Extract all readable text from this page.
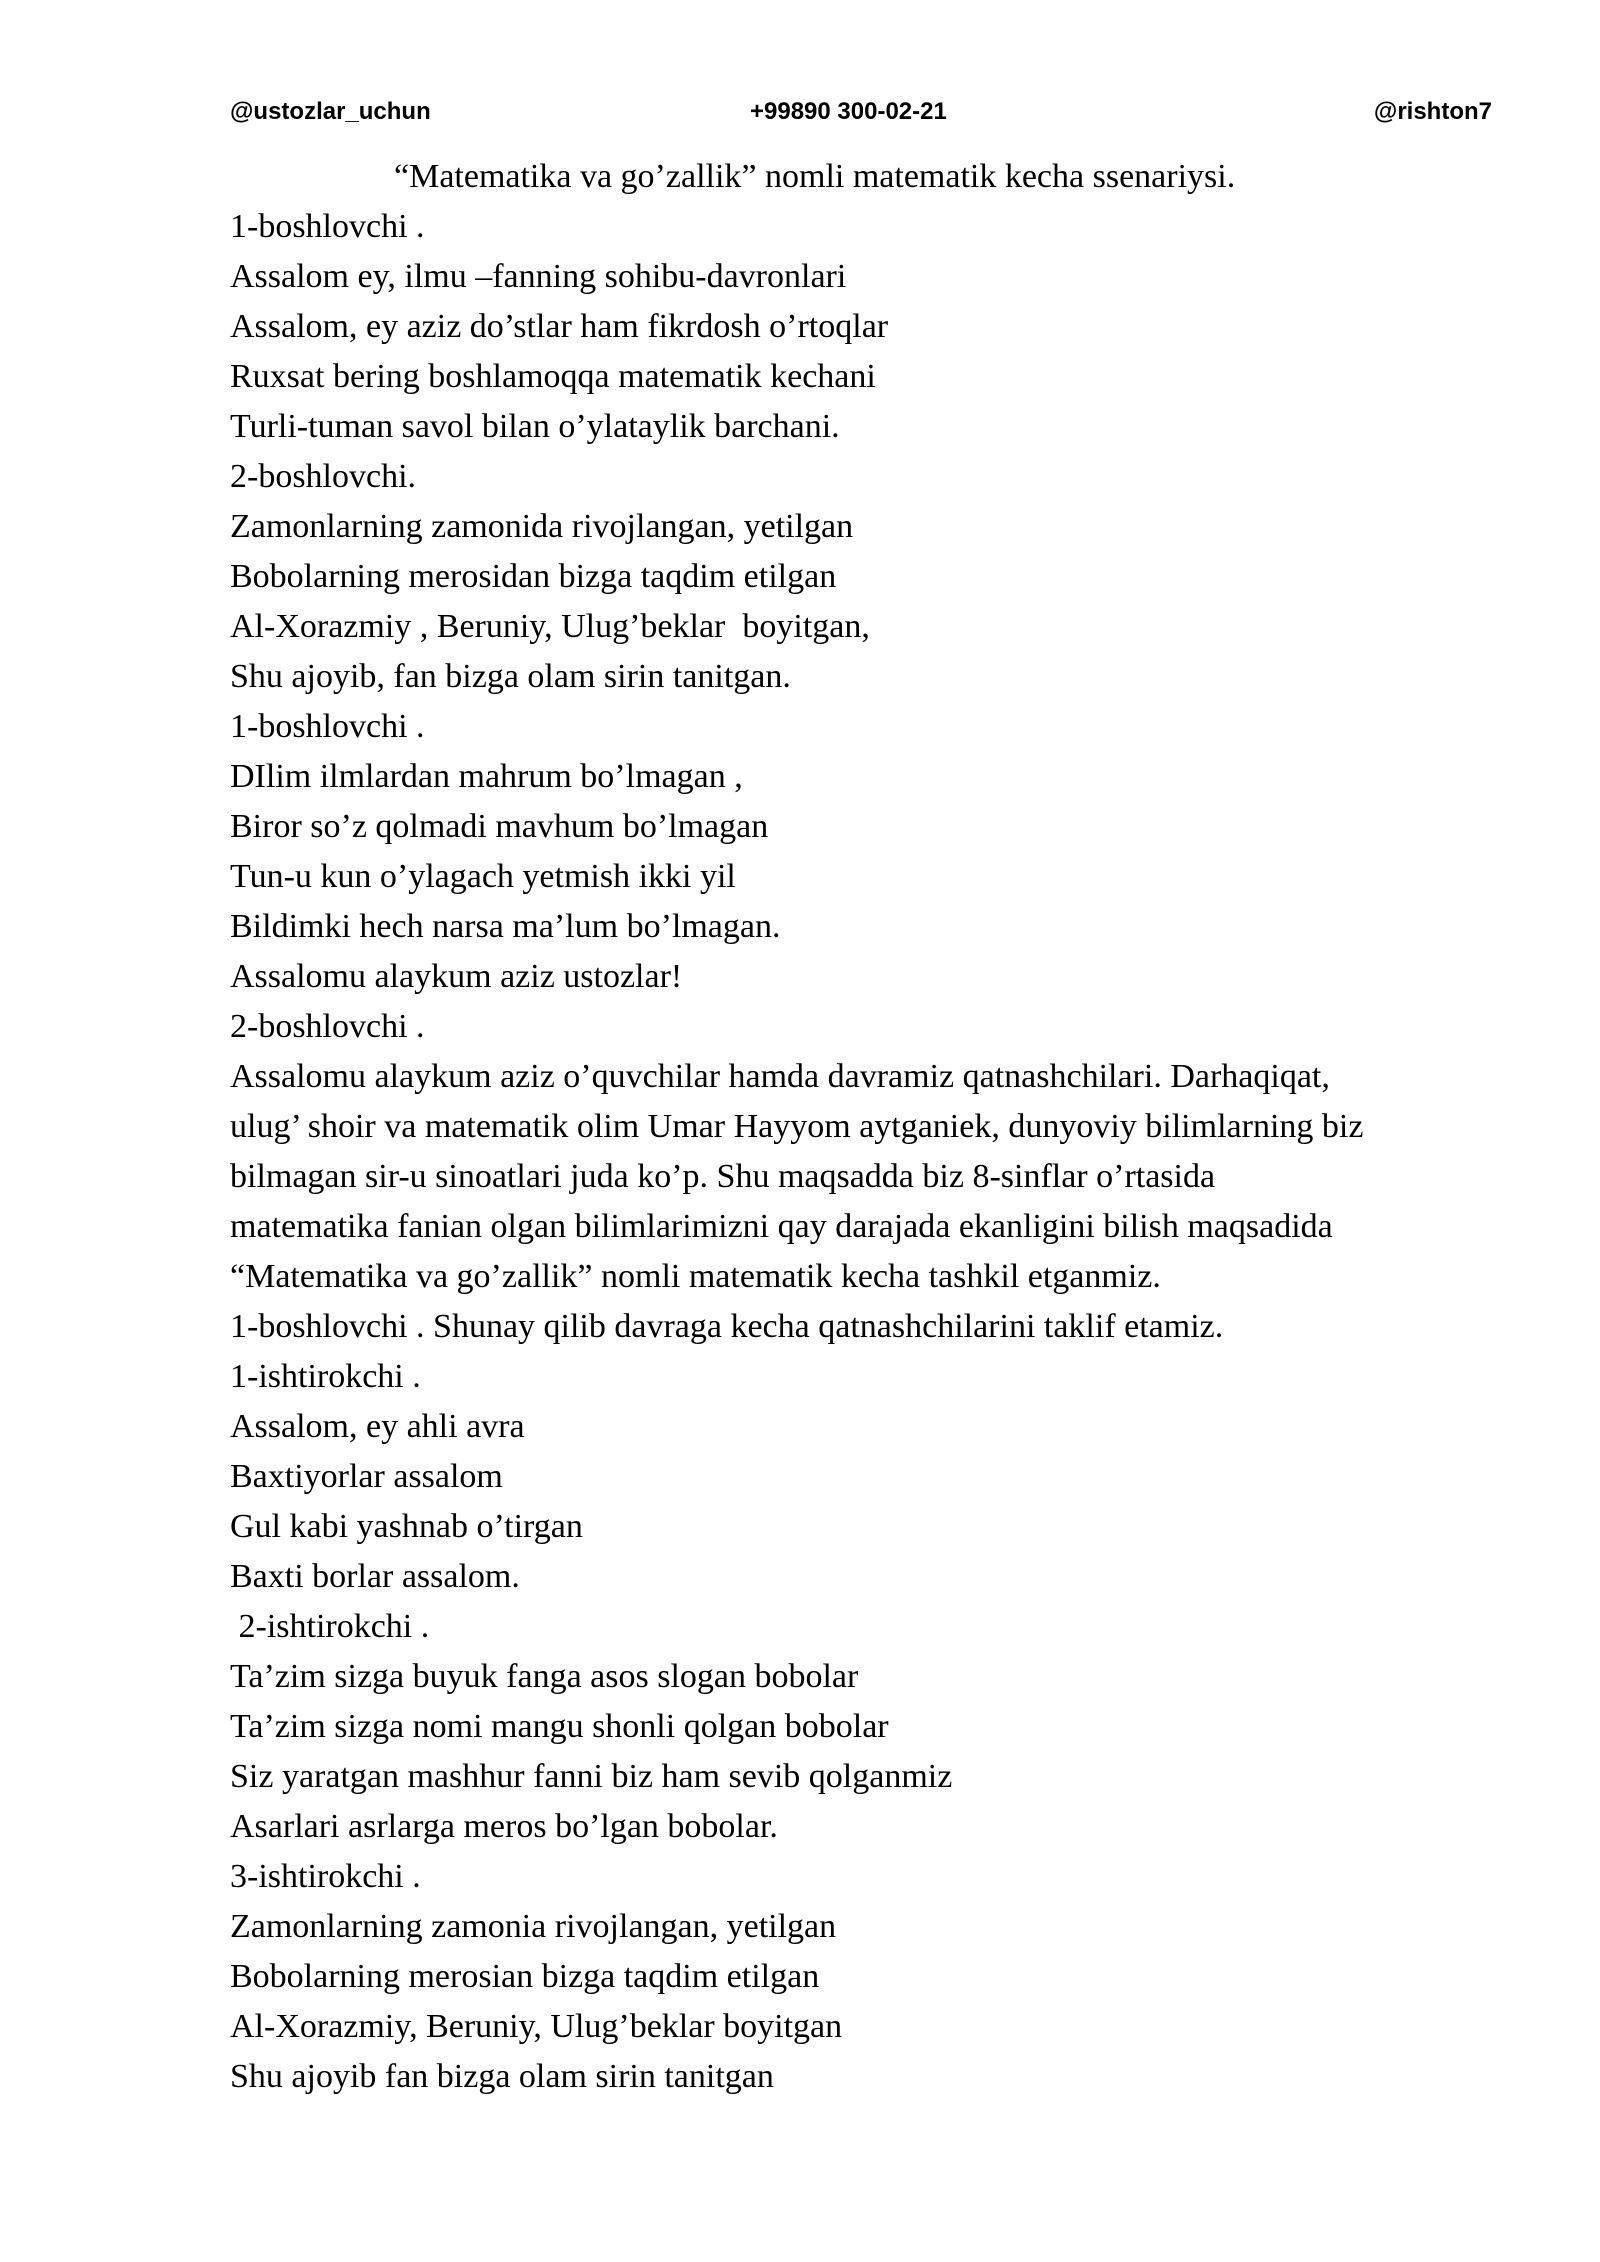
@ustozlar_uchun	+99890 300-02-21	@rishton7
“Matematika va go’zallik” nomli matematik kecha ssenariysi.
1-boshlovchi .
Assalom ey, ilmu –fanning sohibu-davronlari
Assalom, ey aziz do’stlar ham fikrdosh o’rtoqlar
Ruxsat bering boshlamoqqa matematik kechani
Turli-tuman savol bilan o’ylataylik barchani.
2-boshlovchi.
Zamonlarning zamonida rivojlangan, yetilgan
Bobolarning merosidan bizga taqdim etilgan
Al-Xorazmiy , Beruniy, Ulug’beklar  boyitgan,
Shu ajoyib, fan bizga olam sirin tanitgan.
1-boshlovchi .
DIlim ilmlardan mahrum bo’lmagan ,
Biror so’z qolmadi mavhum bo’lmagan
Tun-u kun o’ylagach yetmish ikki yil
Bildimki hech narsa ma’lum bo’lmagan.
Assalomu alaykum aziz ustozlar!
2-boshlovchi .
Assalomu alaykum aziz o’quvchilar hamda davramiz qatnashchilari. Darhaqiqat,
ulug’ shoir va matematik olim Umar Hayyom aytganiek, dunyoviy bilimlarning biz
bilmagan sir-u sinoatlari juda ko’p. Shu maqsadda biz 8-sinflar o’rtasida
matematika fanian olgan bilimlarimizni qay darajada ekanligini bilish maqsadida
“Matematika va go’zallik” nomli matematik kecha tashkil etganmiz.
1-boshlovchi . Shunay qilib davraga kecha qatnashchilarini taklif etamiz.
1-ishtirokchi .
Assalom, ey ahli avra
Baxtiyorlar assalom
Gul kabi yashnab o’tirgan
Baxti borlar assalom.
2-ishtirokchi .
Ta’zim sizga buyuk fanga asos slogan bobolar
Ta’zim sizga nomi mangu shonli qolgan bobolar
Siz yaratgan mashhur fanni biz ham sevib qolganmiz
Asarlari asrlarga meros bo’lgan bobolar.
3-ishtirokchi .
Zamonlarning zamonia rivojlangan, yetilgan
Bobolarning merosian bizga taqdim etilgan
Al-Xorazmiy, Beruniy, Ulug’beklar boyitgan
Shu ajoyib fan bizga olam sirin tanitgan
